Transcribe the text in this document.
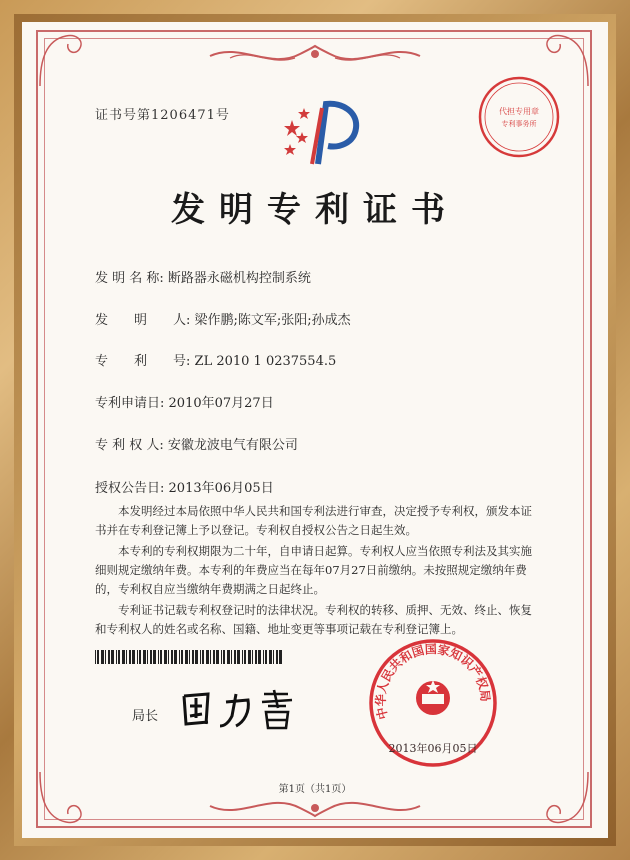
代担专用章
专利事务所
证书号第1206471号
发明专利证书
发 明 名 称: 断路器永磁机构控制系统
发　　明　　人: 梁作鹏;陈文军;张阳;孙成杰
专　　利　　号: ZL 2010 1 0237554.5
专利申请日: 2010年07月27日
专 利 权 人: 安徽龙波电气有限公司
授权公告日: 2013年06月05日

本发明经过本局依照中华人民共和国专利法进行审查，决定授予专利权，颁发本证书并在专利登记簿上予以登记。专利权自授权公告之日起生效。

本专利的专利权期限为二十年，自申请日起算。专利权人应当依照专利法及其实施细则规定缴纳年费。本专利的年费应当在每年07月27日前缴纳。未按照规定缴纳年费的，专利权自应当缴纳年费期满之日起终止。

专利证书记载专利权登记时的法律状况。专利权的转移、质押、无效、终止、恢复和专利权人的姓名或名称、国籍、地址变更等事项记载在专利登记簿上。

局长	中华人民共和国国家知识产权局
2013年06月05日
第1页（共1页）
